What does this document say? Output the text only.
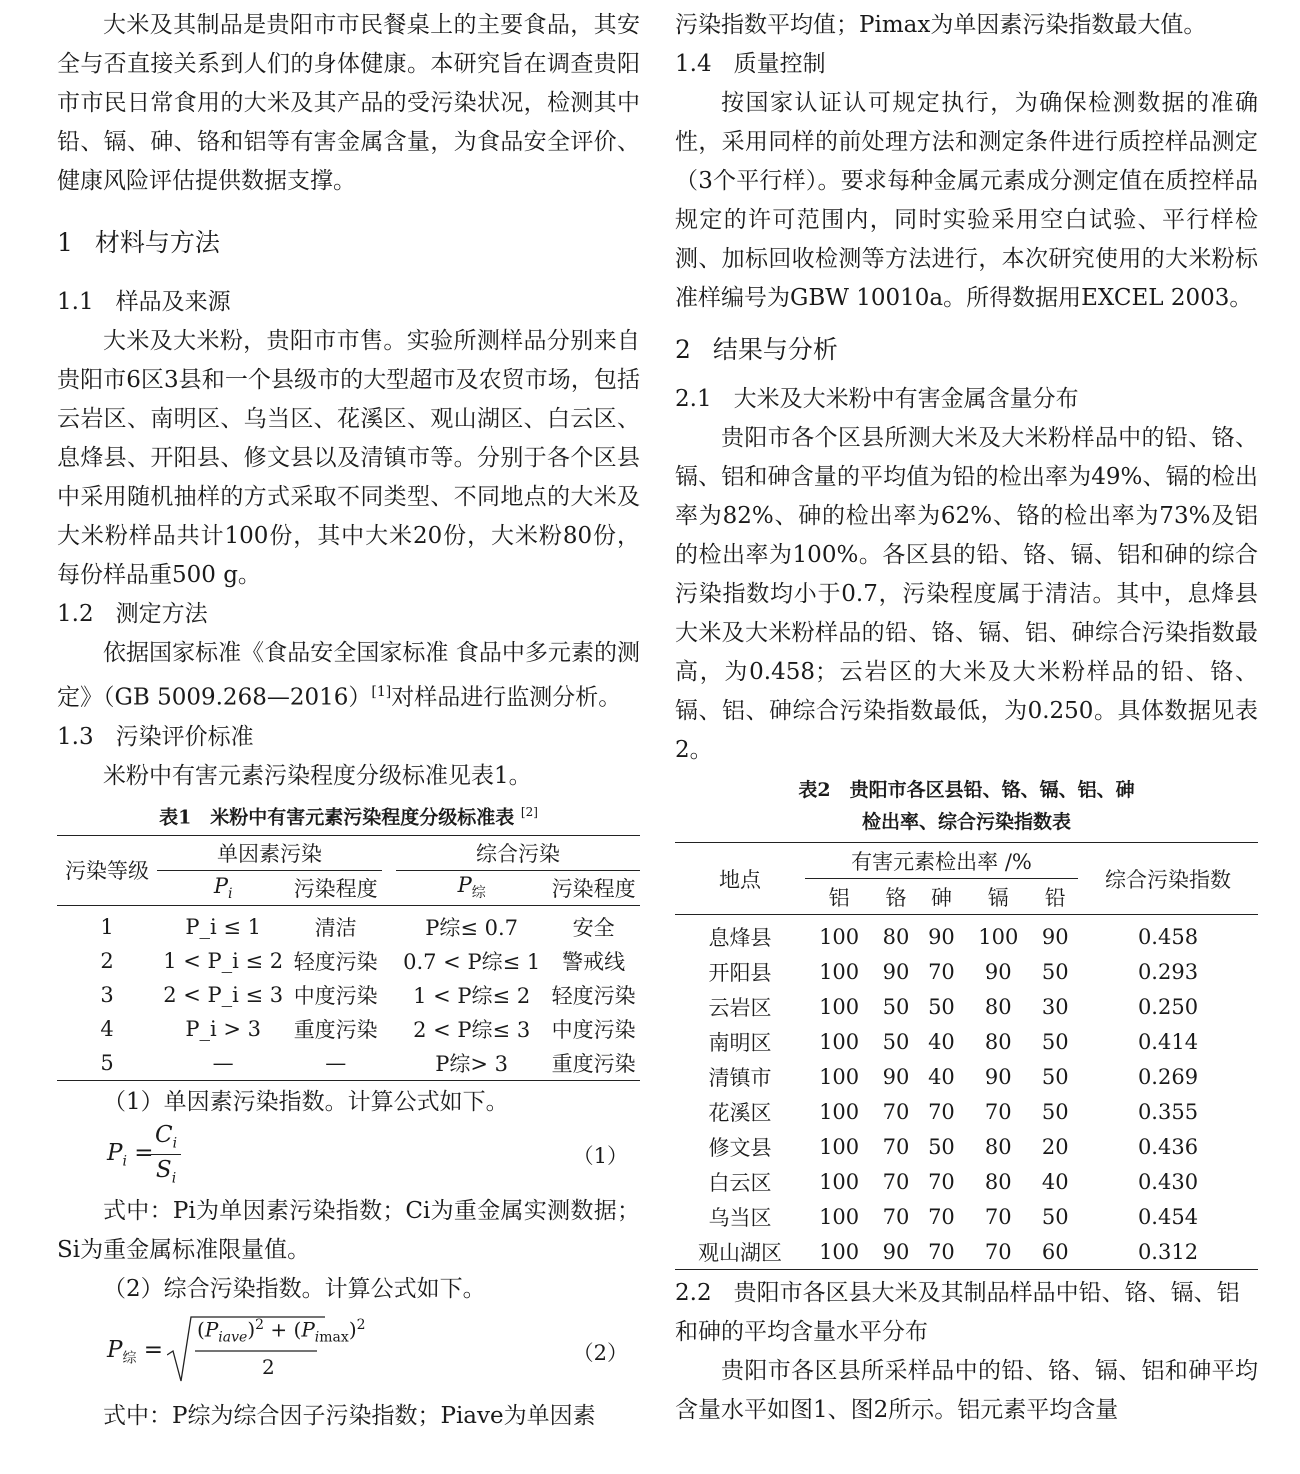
大米及其制品是贵阳市市民餐桌上的主要食品，其安全与否直接关系到人们的身体健康。本研究旨在调查贵阳市市民日常食用的大米及其产品的受污染状况，检测其中铅、镉、砷、铬和铝等有害金属含量，为食品安全评价、健康风险评估提供数据支撑。

1 材料与方法
1.1 样品及来源

大米及大米粉，贵阳市市售。实验所测样品分别来自贵阳市6区3县和一个县级市的大型超市及农贸市场，包括云岩区、南明区、乌当区、花溪区、观山湖区、白云区、息烽县、开阳县、修文县以及清镇市等。分别于各个区县中采用随机抽样的方式采取不同类型、不同地点的大米及大米粉样品共计100份，其中大米20份，大米粉80份，每份样品重500 g。

1.2 测定方法

依据国家标准《食品安全国家标准 食品中多元素的测定》（GB 5009.268—2016）[1]对样品进行监测分析。

1.3 污染评价标准

米粉中有害元素污染程度分级标准见表1。

表1　米粉中有害元素污染程度分级标准表 [2]

污染等级	单因素污染			综合污染	
	$P_i$	污染程度		$P_综$	污染程度
1	P_i ≤ 1	清洁		P综≤ 0.7	安全
2	1 < P_i ≤ 2	轻度污染		0.7 < P综≤ 1	警戒线
3	2 < P_i ≤ 3	中度污染		1 < P综≤ 2	轻度污染
4	P_i > 3	重度污染		2 < P综≤ 3	中度污染
5	—	—		P综> 3	重度污染

（1）单因素污染指数。计算公式如下。

$P_i$ =
$\frac{C_i}{S_i}$	（1）

式中：Pi为单因素污染指数；Ci为重金属实测数据；Si为重金属标准限量值。

（2）综合污染指数。计算公式如下。

$P_综$ =
$(P_{iave})^2 + (P_{imax})^2$
2
（2）

式中：P综为综合因子污染指数；Piave为单因素

污染指数平均值；Pimax为单因素污染指数最大值。

1.4 质量控制

按国家认证认可规定执行，为确保检测数据的准确性，采用同样的前处理方法和测定条件进行质控样品测定（3个平行样）。要求每种金属元素成分测定值在质控样品规定的许可范围内，同时实验采用空白试验、平行样检测、加标回收检测等方法进行，本次研究使用的大米粉标准样编号为GBW 10010a。所得数据用EXCEL 2003。

2 结果与分析
2.1 大米及大米粉中有害金属含量分布

贵阳市各个区县所测大米及大米粉样品中的铅、铬、镉、铝和砷含量的平均值为铅的检出率为49%、镉的检出率为82%、砷的检出率为62%、铬的检出率为73%及铝的检出率为100%。各区县的铅、铬、镉、铝和砷的综合污染指数均小于0.7，污染程度属于清洁。其中，息烽县大米及大米粉样品的铅、铬、镉、铝、砷综合污染指数最高，为0.458；云岩区的大米及大米粉样品的铅、铬、镉、铝、砷综合污染指数最低，为0.250。具体数据见表2。

表2　贵阳市各区县铅、铬、镉、铝、砷

检出率、综合污染指数表

地点	有害元素检出率 /%					综合污染指数
	铝	铬	砷	镉	铅	
息烽县	100	80	90	100	90	0.458
开阳县	100	90	70	90	50	0.293
云岩区	100	50	50	80	30	0.250
南明区	100	50	40	80	50	0.414
清镇市	100	90	40	90	50	0.269
花溪区	100	70	70	70	50	0.355
修文县	100	70	50	80	20	0.436
白云区	100	70	70	80	40	0.430
乌当区	100	70	70	70	50	0.454
观山湖区	100	90	70	70	60	0.312
2.2 贵阳市各区县大米及其制品样品中铅、铬、镉、铝和砷的平均含量水平分布

贵阳市各区县所采样品中的铅、铬、镉、铝和砷平均含量水平如图1、图2所示。铝元素平均含量
